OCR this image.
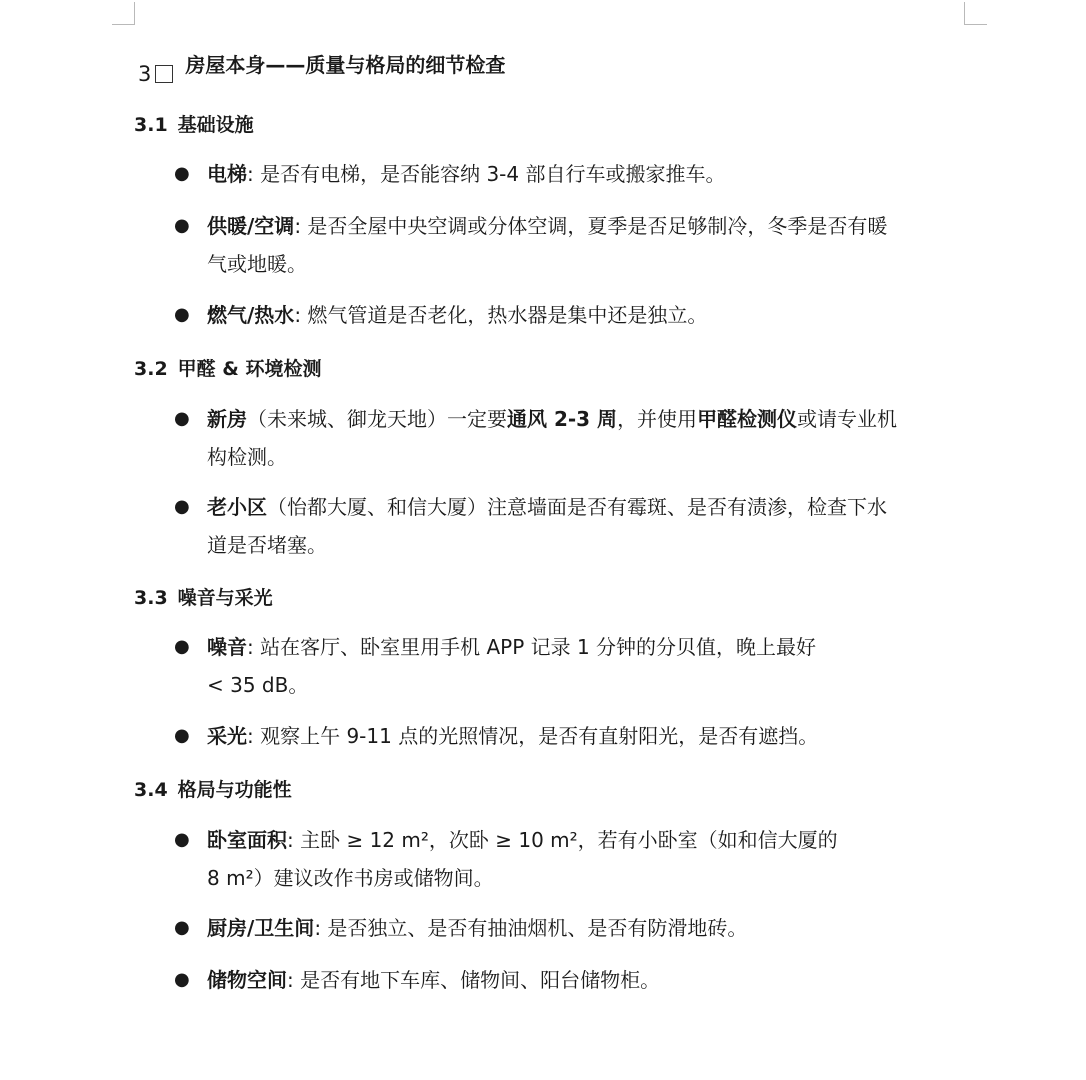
3 房屋本身——质量与格局的细节检查
3.1 基础设施
● 电梯: 是否有电梯，是否能容纳 3-4 部自行车或搬家推车。
● 供暖/空调: 是否全屋中央空调或分体空调，夏季是否足够制冷，冬季是否有暖
气或地暖。
● 燃气/热水: 燃气管道是否老化，热水器是集中还是独立。
3.2 甲醛 & 环境检测
● 新房（未来城、御龙天地）一定要通风 2-3 周，并使用甲醛检测仪或请专业机
构检测。
● 老小区（怡都大厦、和信大厦）注意墙面是否有霉斑、是否有渍渗，检查下水
道是否堵塞。
3.3 噪音与采光
● 噪音: 站在客厅、卧室里用手机 APP 记录 1 分钟的分贝值，晚上最好
< 35 dB。
● 采光: 观察上午 9-11 点的光照情况，是否有直射阳光，是否有遮挡。
3.4 格局与功能性
● 卧室面积: 主卧 ≥ 12 m²，次卧 ≥ 10 m²，若有小卧室（如和信大厦的
8 m²）建议改作书房或储物间。
● 厨房/卫生间: 是否独立、是否有抽油烟机、是否有防滑地砖。
● 储物空间: 是否有地下车库、储物间、阳台储物柜。
